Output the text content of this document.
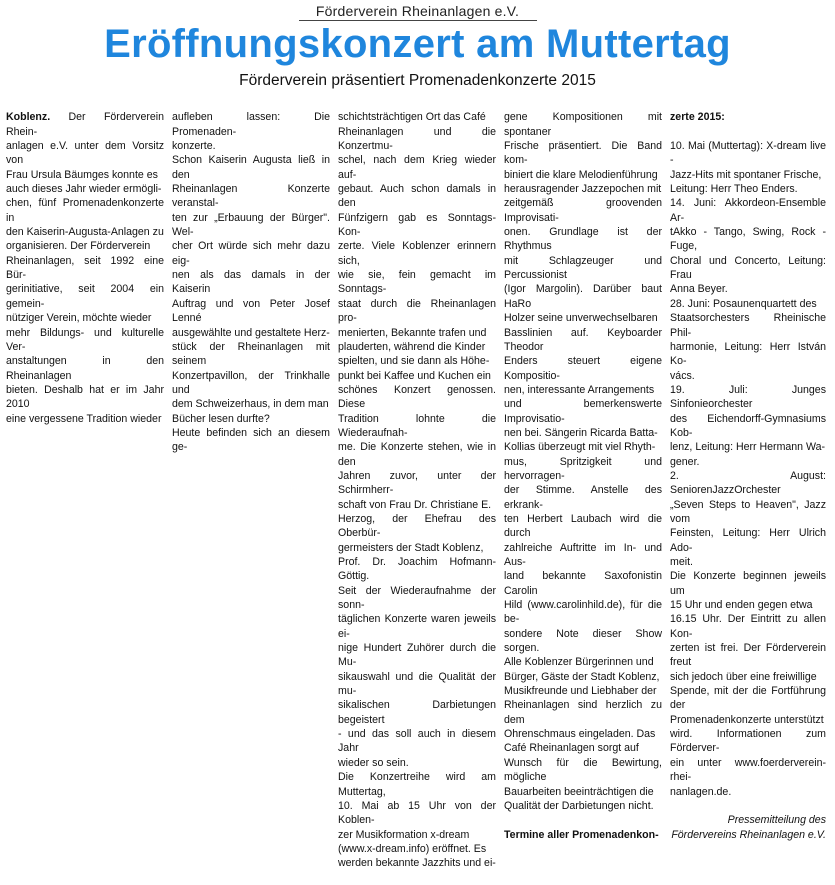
Förderverein Rheinanlagen e.V.
Eröffnungskonzert am Muttertag
Förderverein präsentiert Promenadenkonzerte 2015

Koblenz. Der Förderverein Rhein-
anlagen e.V. unter dem Vorsitz von
Frau Ursula Bäumges konnte es
auch dieses Jahr wieder ermögli-
chen, fünf Promenadenkonzerte in
den Kaiserin-Augusta-Anlagen zu
organisieren. Der Förderverein
Rheinanlagen, seit 1992 eine Bür-
gerinitiative, seit 2004 ein gemein-
nütziger Verein, möchte wieder
mehr Bildungs- und kulturelle Ver-
anstaltungen in den Rheinanlagen
bieten. Deshalb hat er im Jahr 2010
eine vergessene Tradition wieder

aufleben lassen: Die Promenaden-
konzerte.
Schon Kaiserin Augusta ließ in den
Rheinanlagen Konzerte veranstal-
ten zur „Erbauung der Bürger". Wel-
cher Ort würde sich mehr dazu eig-
nen als das damals in der Kaiserin
Auftrag und von Peter Josef Lenné
ausgewählte und gestaltete Herz-
stück der Rheinanlagen mit seinem
Konzertpavillon, der Trinkhalle und
dem Schweizerhaus, in dem man
Bücher lesen durfte?
Heute befinden sich an diesem ge-

schichtsträchtigen Ort das Café
Rheinanlagen und die Konzertmu-
schel, nach dem Krieg wieder auf-
gebaut. Auch schon damals in den
Fünfzigern gab es Sonntags-Kon-
zerte. Viele Koblenzer erinnern sich,
wie sie, fein gemacht im Sonntags-
staat durch die Rheinanlagen pro-
menierten, Bekannte trafen und
plauderten, während die Kinder
spielten, und sie dann als Höhe-
punkt bei Kaffee und Kuchen ein
schönes Konzert genossen. Diese
Tradition lohnte die Wiederaufnah-
me. Die Konzerte stehen, wie in den
Jahren zuvor, unter der Schirmherr-
schaft von Frau Dr. Christiane E.
Herzog, der Ehefrau des Oberbür-
germeisters der Stadt Koblenz,
Prof. Dr. Joachim Hofmann-Göttig.
Seit der Wiederaufnahme der sonn-
täglichen Konzerte waren jeweils ei-
nige Hundert Zuhörer durch die Mu-
sikauswahl und die Qualität der mu-
sikalischen Darbietungen begeistert
- und das soll auch in diesem Jahr
wieder so sein.
Die Konzertreihe wird am Muttertag,
10. Mai ab 15 Uhr von der Koblen-
zer Musikformation x-dream
(www.x-dream.info) eröffnet. Es
werden bekannte Jazzhits und ei-

gene Kompositionen mit spontaner
Frische präsentiert. Die Band kom-
biniert die klare Melodienführung
herausragender Jazzepochen mit
zeitgemäß groovenden Improvisati-
onen. Grundlage ist der Rhythmus
mit Schlagzeuger und Percussionist
(Igor Margolin). Darüber baut HaRo
Holzer seine unverwechselbaren
Basslinien auf. Keyboarder Theodor
Enders steuert eigene Kompositio-
nen, interessante Arrangements
und bemerkenswerte Improvisatio-
nen bei. Sängerin Ricarda Batta-
Kollias überzeugt mit viel Rhyth-
mus, Spritzigkeit und hervorragen-
der Stimme. Anstelle des erkrank-
ten Herbert Laubach wird die durch
zahlreiche Auftritte im In- und Aus-
land bekannte Saxofonistin Carolin
Hild (www.carolinhild.de), für die be-
sondere Note dieser Show sorgen.
Alle Koblenzer Bürgerinnen und
Bürger, Gäste der Stadt Koblenz,
Musikfreunde und Liebhaber der
Rheinanlagen sind herzlich zu dem
Ohrenschmaus eingeladen. Das
Café Rheinanlagen sorgt auf
Wunsch für die Bewirtung, mögliche
Bauarbeiten beeinträchtigen die
Qualität der Darbietungen nicht.

Termine aller Promenadenkon-

zerte 2015:

10. Mai (Muttertag): X-dream live -
Jazz-Hits mit spontaner Frische,
Leitung: Herr Theo Enders.
14. Juni: Akkordeon-Ensemble Ar-
tAkko - Tango, Swing, Rock - Fuge,
Choral und Concerto, Leitung: Frau
Anna Beyer.
28. Juni: Posaunenquartett des
Staatsorchesters Rheinische Phil-
harmonie, Leitung: Herr István Ko-
vács.
19. Juli: Junges Sinfonieorchester
des Eichendorff-Gymnasiums Kob-
lenz, Leitung: Herr Hermann Wa-
gener.
2. August: SeniorenJazzOrchester
„Seven Steps to Heaven", Jazz vom
Feinsten, Leitung: Herr Ulrich Ado-
meit.
Die Konzerte beginnen jeweils um
15 Uhr und enden gegen etwa
16.15 Uhr. Der Eintritt zu allen Kon-
zerten ist frei. Der Förderverein freut
sich jedoch über eine freiwillige
Spende, mit der die Fortführung der
Promenadenkonzerte unterstützt
wird. Informationen zum Förderver-
ein unter www.foerderverein-rhei-
nanlagen.de.

Pressemitteilung des
Fördervereins Rheinanlagen e.V.
